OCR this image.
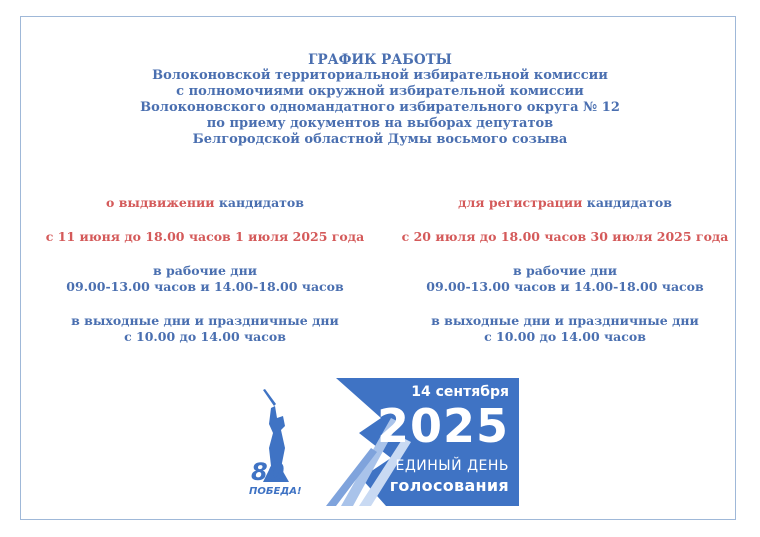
ГРАФИК РАБОТЫ
Волоконовской территориальной избирательной комиссии
с полномочиями окружной избирательной комиссии
Волоконовского одномандатного избирательного округа № 12
по приему документов на выборах депутатов
Белгородской областной Думы восьмого созыва
о выдвижении кандидатов
с 11 июня до 18.00 часов 1 июля 2025 года
в рабочие дни
09.00-13.00 часов и 14.00-18.00 часов
в выходные дни и праздничные дни
с 10.00 до 14.00 часов
для регистрации кандидатов
с 20 июля до 18.00 часов 30 июля 2025 года
в рабочие дни
09.00-13.00 часов и 14.00-18.00 часов
в выходные дни и праздничные дни
с 10.00 до 14.00 часов
80
ПОБЕДА!
14 сентября
2025
ЕДИНЫЙ ДЕНЬ
голосования
